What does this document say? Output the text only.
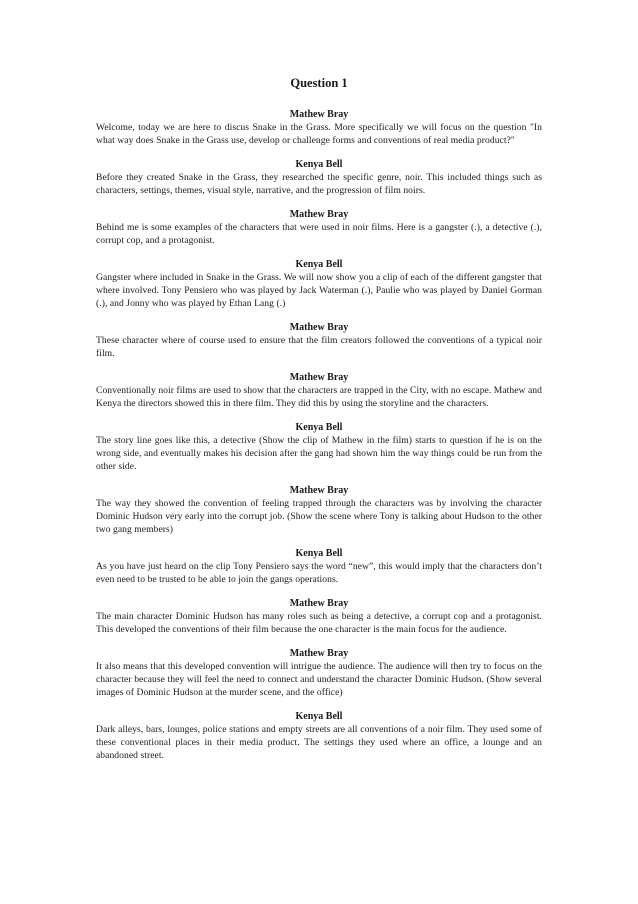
Question 1
Mathew Bray

Welcome, today we are here to discus Snake in the Grass. More specifically we will focus on the question "In what way does Snake in the Grass use, develop or challenge forms and conventions of real media product?"

Kenya Bell

Before they created Snake in the Grass, they researched the specific genre, noir. This included things such as characters, settings, themes, visual style, narrative, and the progression of film noirs.

Mathew Bray

Behind me is some examples of the characters that were used in noir films. Here is a gangster (.), a detective (.), corrupt cop, and a protagonist.

Kenya Bell

Gangster where included in Snake in the Grass. We will now show you a clip of each of the different gangster that where involved. Tony Pensiero who was played by Jack Waterman (.), Paulie who was played by Daniel Gorman (.), and Jonny who was played by Ethan Lang (.)

Mathew Bray

These character where of course used to ensure that the film creators followed the conventions of a typical noir film.

Mathew Bray

Conventionally noir films are used to show that the characters are trapped in the City, with no escape. Mathew and Kenya the directors showed this in there film. They did this by using the storyline and the characters.

Kenya Bell

The story line goes like this, a detective (Show the clip of Mathew in the film) starts to question if he is on the wrong side, and eventually makes his decision after the gang had shown him the way things could be run from the other side.

Mathew Bray

The way they showed the convention of feeling trapped through the characters was by involving the character Dominic Hudson very early into the corrupt job. (Show the scene where Tony is talking about Hudson to the other two gang members)

Kenya Bell

As you have just heard on the clip Tony Pensiero says the word “new”, this would imply that the characters don’t even need to be trusted to be able to join the gangs operations.

Mathew Bray

The main character Dominic Hudson has many roles such as being a detective, a corrupt cop and a protagonist. This developed the conventions of their film because the one character is the main focus for the audience.

Mathew Bray

It also means that this developed convention will intrigue the audience. The audience will then try to focus on the character because they will feel the need to connect and understand the character Dominic Hudson. (Show several images of Dominic Hudson at the murder scene, and the office)

Kenya Bell

Dark alleys, bars, lounges, police stations and empty streets are all conventions of a noir film. They used some of these conventional places in their media product. The settings they used where an office, a lounge and an abandoned street.
